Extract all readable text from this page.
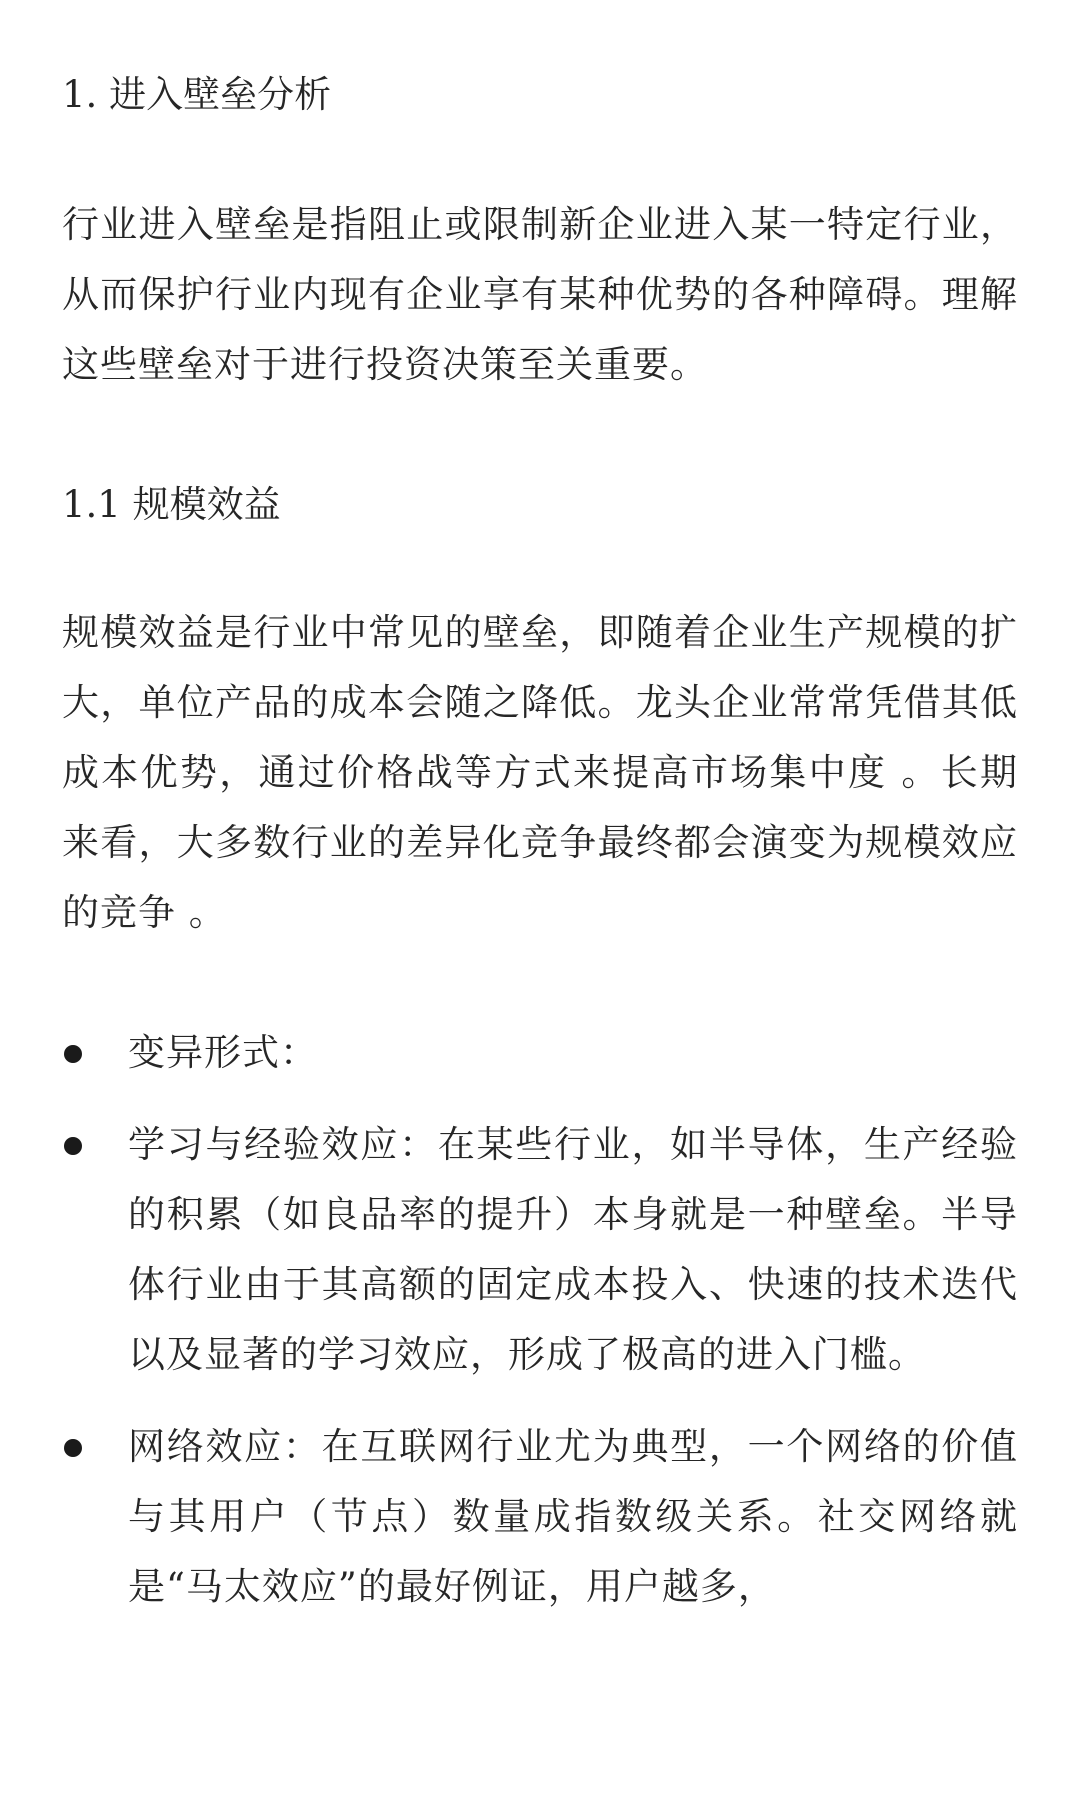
1. 进入壁垒分析

行业进入壁垒是指阻止或限制新企业进入某一特定行业，从而保护行业内现有企业享有某种优势的各种障碍。理解这些壁垒对于进行投资决策至关重要。

1.1 规模效益

规模效益是行业中常见的壁垒，即随着企业生产规模的扩大，单位产品的成本会随之降低。龙头企业常常凭借其低成本优势，通过价格战等方式来提高市场集中度 。长期来看，大多数行业的差异化竞争最终都会演变为规模效应的竞争 。

变异形式：
学习与经验效应：在某些行业，如半导体，生产经验的积累（如良品率的提升）本身就是一种壁垒。半导体行业由于其高额的固定成本投入、快速的技术迭代以及显著的学习效应，形成了极高的进入门槛。
网络效应：在互联网行业尤为典型，一个网络的价值与其用户（节点）数量成指数级关系。社交网络就是“马太效应”的最好例证，用户越多，
